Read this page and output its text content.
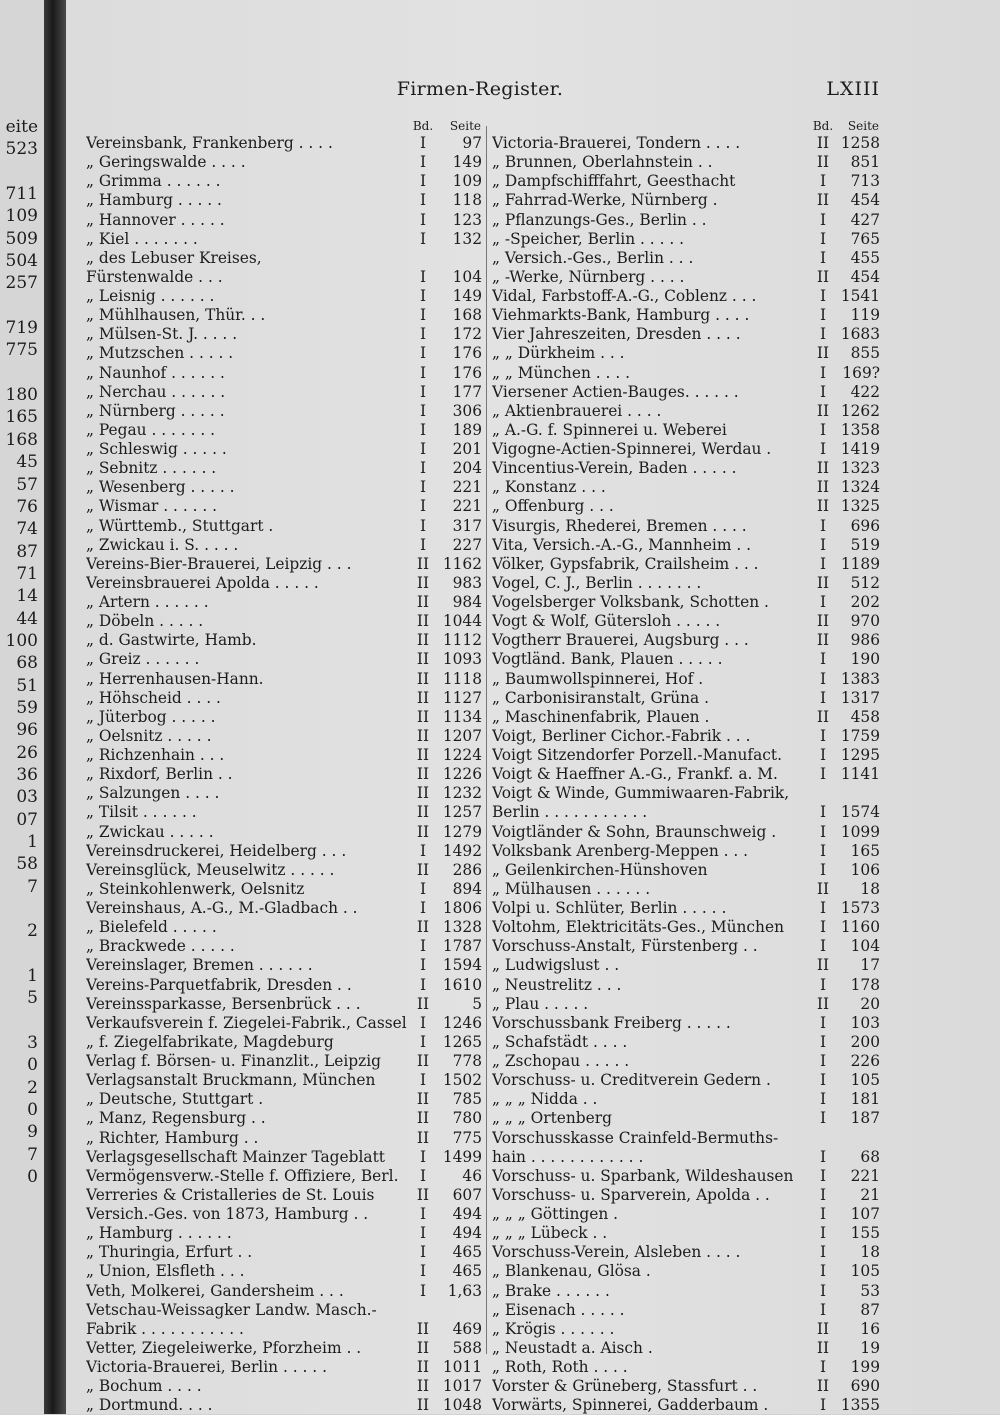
eite
523
711
109
509
504
257
719
775
180
165
168
45
57
76
74
87
71
14
44
100
68
51
59
96
26
36
03
07
1
58
7
2
1
5
3
0
2
0
9
7
0
Firmen-Register.	LXIII
Bd.	Seite
Vereinsbank, Frankenberg . . . .	I	97
„ Geringswalde . . . .	I	149
„ Grimma . . . . . .	I	109
„ Hamburg . . . . .	I	118
„ Hannover . . . . .	I	123
„ Kiel . . . . . . .	I	132
„ des Lebuser Kreises,
Fürstenwalde . . .	I	104
„ Leisnig . . . . . .	I	149
„ Mühlhausen, Thür. . .	I	168
„ Mülsen-St. J. . . . .	I	172
„ Mutzschen . . . . .	I	176
„ Naunhof . . . . . .	I	176
„ Nerchau . . . . . .	I	177
„ Nürnberg . . . . .	I	306
„ Pegau . . . . . . .	I	189
„ Schleswig . . . . .	I	201
„ Sebnitz . . . . . .	I	204
„ Wesenberg . . . . .	I	221
„ Wismar . . . . . .	I	221
„ Württemb., Stuttgart .	I	317
„ Zwickau i. S. . . . .	I	227
Vereins-Bier-Brauerei, Leipzig . . .	II 1162
Vereinsbrauerei Apolda . . . . .	II	983
„ Artern . . . . . .	II	984
„ Döbeln . . . . .	II 1044
„ d. Gastwirte, Hamb.	II 1112
„ Greiz . . . . . .	II 1093
„ Herrenhausen-Hann.	II 1118
„ Höhscheid . . . .	II 1127
„ Jüterbog . . . . .	II 1134
„ Oelsnitz . . . . .	II 1207
„ Richzenhain . . .	II 1224
„ Rixdorf, Berlin . .	II 1226
„ Salzungen . . . .	II 1232
„ Tilsit . . . . . .	II 1257
„ Zwickau . . . . .	II 1279
Vereinsdruckerei, Heidelberg . . .	I	1492
Vereinsglück, Meuselwitz . . . . .	II	286
„ Steinkohlenwerk, Oelsnitz	I	894
Vereinshaus, A.-G., M.-Gladbach . .	I	1806
„ Bielefeld . . . . .	II 1328
„ Brackwede . . . . .	I	1787
Vereinslager, Bremen . . . . . .	I	1594
Vereins-Parquetfabrik, Dresden . .	I	1610
Vereinssparkasse, Bersenbrück . . .	II	5
Verkaufsverein f. Ziegelei-Fabrik., Cassel I	1246
„ f. Ziegelfabrikate, Magdeburg	I	1265
Verlag f. Börsen- u. Finanzlit., Leipzig	II	778
Verlagsanstalt Bruckmann, München	I	1502
„ Deutsche, Stuttgart .	II	785
„ Manz, Regensburg . .	II	780
„ Richter, Hamburg . .	II	775
Verlagsgesellschaft Mainzer Tageblatt	I	1499
Vermögensverw.-Stelle f. Offiziere, Berl.	I	46
Verreries & Cristalleries de St. Louis	II	607
Versich.-Ges. von 1873, Hamburg . .	I	494
„ Hamburg . . . . . .	I	494
„ Thuringia, Erfurt . .	I	465
„ Union, Elsfleth . . .	I	465
Veth, Molkerei, Gandersheim . . .	I	1,63
Vetschau-Weissagker Landw. Masch.-
Fabrik . . . . . . . . . . .	II	469
Vetter, Ziegeleiwerke, Pforzheim . .	II	588
Victoria-Brauerei, Berlin . . . . .	II 1011
„ Bochum . . . .	II 1017
„ Dortmund. . . .	II 1048
Bd.	Seite
Victoria-Brauerei, Tondern . . . .	II 1258
„ Brunnen, Oberlahnstein . .	II	851
„ Dampfschifffahrt, Geesthacht	I	713
„ Fahrrad-Werke, Nürnberg .	II	454
„ Pflanzungs-Ges., Berlin . .	I	427
„ -Speicher, Berlin . . . . .	I	765
„ Versich.-Ges., Berlin . . .	I	455
„ -Werke, Nürnberg . . . .	II	454
Vidal, Farbstoff-A.-G., Coblenz . . .	I 1541
Viehmarkts-Bank, Hamburg . . . .	I	119
Vier Jahreszeiten, Dresden . . . .	I 1683
„ „ Dürkheim . . .	II	855
„ „ München . . . .	I	169?
Viersener Actien-Bauges. . . . . .	I	422
„ Aktienbrauerei . . . .	II 1262
„ A.-G. f. Spinnerei u. Weberei	I 1358
Vigogne-Actien-Spinnerei, Werdau .	I 1419
Vincentius-Verein, Baden . . . . .	II 1323
„ Konstanz . . .	II 1324
„ Offenburg . . .	II 1325
Visurgis, Rhederei, Bremen . . . .	I	696
Vita, Versich.-A.-G., Mannheim . .	I	519
Völker, Gypsfabrik, Crailsheim . . .	I 1189
Vogel, C. J., Berlin . . . . . . .	II	512
Vogelsberger Volksbank, Schotten .	I	202
Vogt & Wolf, Gütersloh . . . . .	II	970
Vogtherr Brauerei, Augsburg . . .	II	986
Vogtländ. Bank, Plauen . . . . .	I	190
„ Baumwollspinnerei, Hof .	I 1383
„ Carbonisiranstalt, Grüna .	I 1317
„ Maschinenfabrik, Plauen .	II	458
Voigt, Berliner Cichor.-Fabrik . . .	I 1759
Voigt Sitzendorfer Porzell.-Manufact.	I 1295
Voigt & Haeffner A.-G., Frankf. a. M.	I 1141
Voigt & Winde, Gummiwaaren-Fabrik,
Berlin . . . . . . . . . . .	I 1574
Voigtländer & Sohn, Braunschweig .	I 1099
Volksbank Arenberg-Meppen . . .	I	165
„ Geilenkirchen-Hünshoven	I	106
„ Mülhausen . . . . . .	II	18
Volpi u. Schlüter, Berlin . . . . .	I 1573
Voltohm, Elektricitäts-Ges., München	I 1160
Vorschuss-Anstalt, Fürstenberg . .	I	104
„ Ludwigslust . .	II	17
„ Neustrelitz . . .	I	178
„ Plau . . . . .	II	20
Vorschussbank Freiberg . . . . .	I	103
„ Schafstädt . . . .	I	200
„ Zschopau . . . . .	I	226
Vorschuss- u. Creditverein Gedern .	I	105
„ „ „ Nidda . .	I	181
„ „ „ Ortenberg	I	187
Vorschusskasse Crainfeld-Bermuths-
hain . . . . . . . . . . . .	I	68
Vorschuss- u. Sparbank, Wildeshausen	I	221
Vorschuss- u. Sparverein, Apolda . .	I	21
„ „ „ Göttingen .	I	107
„ „ „ Lübeck . .	I	155
Vorschuss-Verein, Alsleben . . . .	I	18
„ Blankenau, Glösa .	I	105
„ Brake . . . . . .	I	53
„ Eisenach . . . . .	I	87
„ Krögis . . . . . .	II	16
„ Neustadt a. Aisch .	II	19
„ Roth, Roth . . . .	I	199
Vorster & Grüneberg, Stassfurt . .	II	690
Vorwärts, Spinnerei, Gadderbaum .	I 1355
